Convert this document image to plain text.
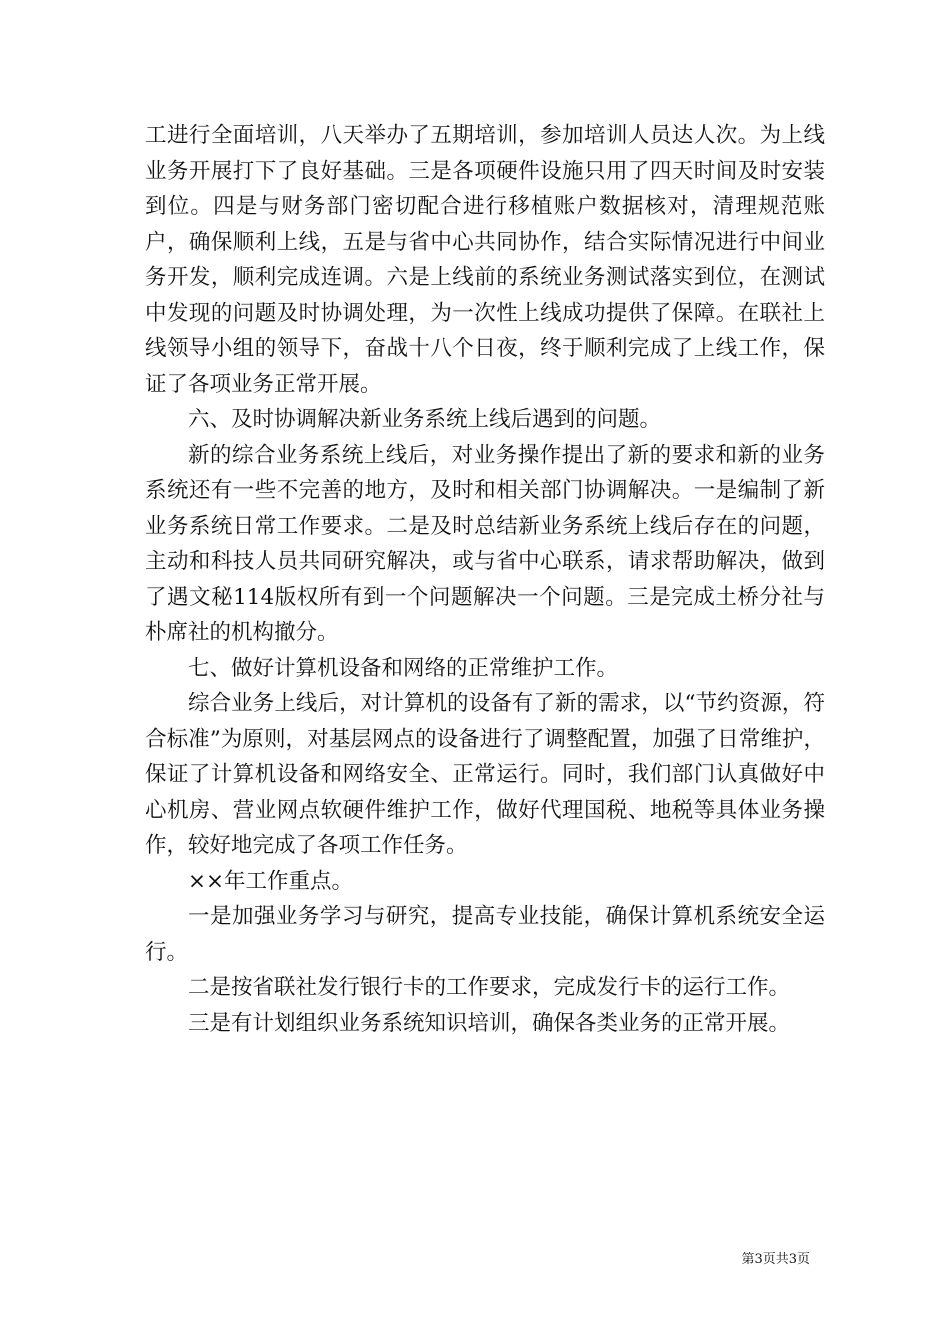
工进行全面培训，八天举办了五期培训，参加培训人员达人次。为上线业务开展打下了良好基础。三是各项硬件设施只用了四天时间及时安装到位。四是与财务部门密切配合进行移植账户数据核对，清理规范账户，确保顺利上线，五是与省中心共同协作，结合实际情况进行中间业务开发，顺利完成连调。六是上线前的系统业务测试落实到位，在测试中发现的问题及时协调处理，为一次性上线成功提供了保障。在联社上线领导小组的领导下，奋战十八个日夜，终于顺利完成了上线工作，保证了各项业务正常开展。

六、及时协调解决新业务系统上线后遇到的问题。

新的综合业务系统上线后，对业务操作提出了新的要求和新的业务系统还有一些不完善的地方，及时和相关部门协调解决。一是编制了新业务系统日常工作要求。二是及时总结新业务系统上线后存在的问题，主动和科技人员共同研究解决，或与省中心联系，请求帮助解决，做到了遇文秘114版权所有到一个问题解决一个问题。三是完成土桥分社与朴席社的机构撤分。

七、做好计算机设备和网络的正常维护工作。

综合业务上线后，对计算机的设备有了新的需求，以“节约资源，符合标准”为原则，对基层网点的设备进行了调整配置，加强了日常维护，保证了计算机设备和网络安全、正常运行。同时，我们部门认真做好中心机房、营业网点软硬件维护工作，做好代理国税、地税等具体业务操作，较好地完成了各项工作任务。

××年工作重点。

一是加强业务学习与研究，提高专业技能，确保计算机系统安全运行。

二是按省联社发行银行卡的工作要求，完成发行卡的运行工作。

三是有计划组织业务系统知识培训，确保各类业务的正常开展。

第3页共3页
